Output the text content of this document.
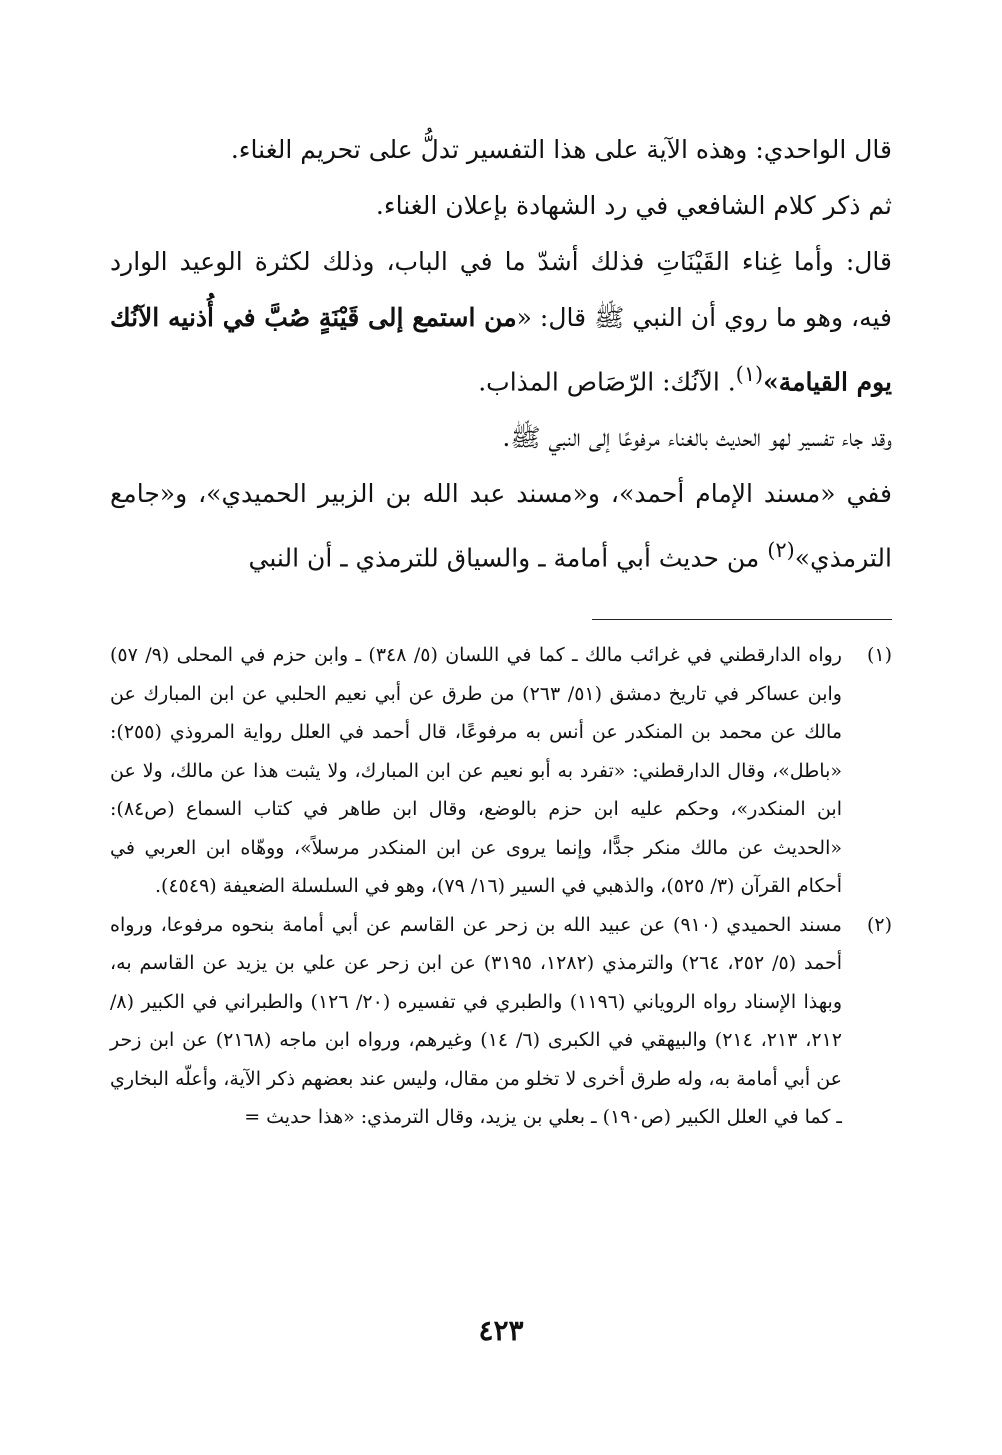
قال الواحدي: وهذه الآية على هذا التفسير تدلُّ على تحريم الغناء.

ثم ذكر كلام الشافعي في رد الشهادة بإعلان الغناء.

قال: وأما غِناء القَيْنَاتِ فذلك أشدّ ما في الباب، وذلك لكثرة الوعيد الوارد فيه، وهو ما روي أن النبي ﷺ قال: «من استمع إلى قَيْنَةٍ صُبَّ في أُذنيه الآنُك يوم القيامة»$^{(١)}$. الآنُك: الرّصَاص المذاب.

وقد جاء تفسير لهو الحديث بالغناء مرفوعًا إلى النبي ﷺ.

ففي «مسند الإمام أحمد»، و«مسند عبد الله بن الزبير الحميدي»، و«جامع الترمذي»$^{(٢)}$ من حديث أبي أمامة ـ والسياق للترمذي ـ أن النبي

(١)
رواه الدارقطني في غرائب مالك ـ كما في اللسان (٥/ ٣٤٨) ـ وابن حزم في المحلى (٩/ ٥٧) وابن عساكر في تاريخ دمشق (٥١/ ٢٦٣) من طرق عن أبي نعيم الحلبي عن ابن المبارك عن مالك عن محمد بن المنكدر عن أنس به مرفوعًا، قال أحمد في العلل رواية المروذي (٢٥٥): «باطل»، وقال الدارقطني: «تفرد به أبو نعيم عن ابن المبارك، ولا يثبت هذا عن مالك، ولا عن ابن المنكدر»، وحكم عليه ابن حزم بالوضع، وقال ابن طاهر في كتاب السماع (ص٨٤): «الحديث عن مالك منكر جدًّا، وإنما يروى عن ابن المنكدر مرسلاً»، ووهّاه ابن العربي في أحكام القرآن (٣/ ٥٢٥)، والذهبي في السير (١٦/ ٧٩)، وهو في السلسلة الضعيفة (٤٥٤٩).
(٢)
مسند الحميدي (٩١٠) عن عبيد الله بن زحر عن القاسم عن أبي أمامة بنحوه مرفوعا، ورواه أحمد (٥/ ٢٥٢، ٢٦٤) والترمذي (١٢٨٢، ٣١٩٥) عن ابن زحر عن علي بن يزيد عن القاسم به، وبهذا الإسناد رواه الروياني (١١٩٦) والطبري في تفسيره (٢٠/ ١٢٦) والطبراني في الكبير (٨/ ٢١٢، ٢١٣، ٢١٤) والبيهقي في الكبرى (٦/ ١٤) وغيرهم، ورواه ابن ماجه (٢١٦٨) عن ابن زحر عن أبي أمامة به، وله طرق أخرى لا تخلو من مقال، وليس عند بعضهم ذكر الآية، وأعلّه البخاري ـ كما في العلل الكبير (ص١٩٠) ـ بعلي بن يزيد، وقال الترمذي: «هذا حديث =
٤٢٣
